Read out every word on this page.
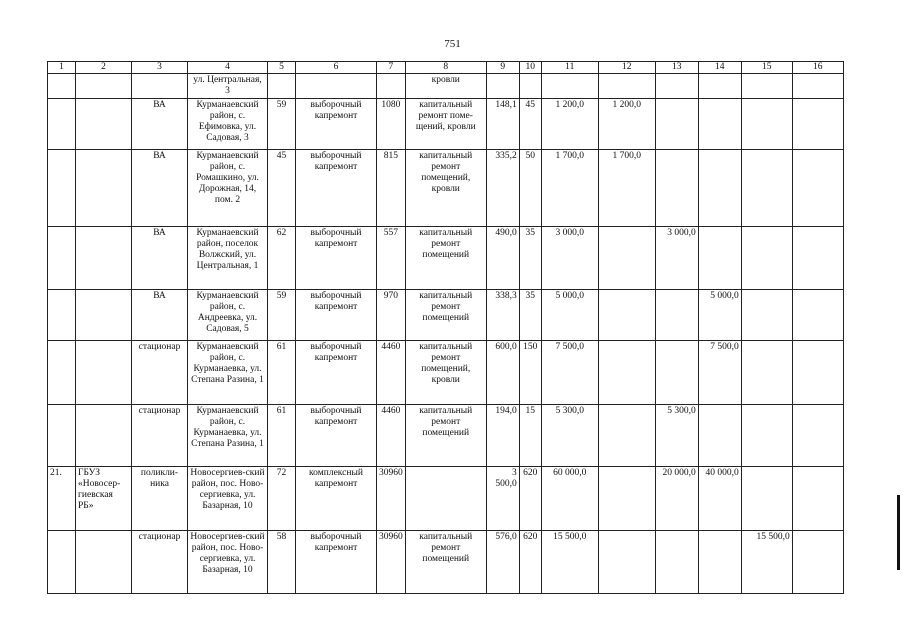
751
1	2	3	4	5	6	7	8	9	10	11	12	13	14	15	16
			ул. Центральная, 3				кровли								
		ВА	Курманаевский район, с. Ефимовка, ул. Садовая, 3	59	выборочный капремонт	1080	капитальный ремонт поме-щений, кровли	148,1	45	1 200,0	1 200,0				
		ВА	Курманаевский район, с. Ромашкино, ул. Дорожная, 14, пом. 2	45	выборочный капремонт	815	капитальный ремонт помещений, кровли	335,2	50	1 700,0	1 700,0				
		ВА	Курманаевский район, поселок Волжский, ул. Центральная, 1	62	выборочный капремонт	557	капитальный ремонт помещений	490,0	35	3 000,0		3 000,0			
		ВА	Курманаевский район, с. Андреевка, ул. Садовая, 5	59	выборочный капремонт	970	капитальный ремонт помещений	338,3	35	5 000,0			5 000,0		
		стационар	Курманаевский район, с. Курманаевка, ул. Степана Разина, 1	61	выборочный капремонт	4460	капитальный ремонт помещений, кровли	600,0	150	7 500,0			7 500,0		
		стационар	Курманаевский район, с. Курманаевка, ул. Степана Разина, 1	61	выборочный капремонт	4460	капитальный ремонт помещений	194,0	15	5 300,0		5 300,0			
21.	ГБУЗ «Новосер-гиевская РБ»	поликли-ника	Новосергиев-ский район, пос. Ново-сергиевка, ул. Базарная, 10	72	комплексный капремонт	30960		3 500,0	620	60 000,0		20 000,0	40 000,0		
		стационар	Новосергиев-ский район, пос. Ново-сергиевка, ул. Базарная, 10	58	выборочный капремонт	30960	капитальный ремонт помещений	576,0	620	15 500,0				15 500,0	
